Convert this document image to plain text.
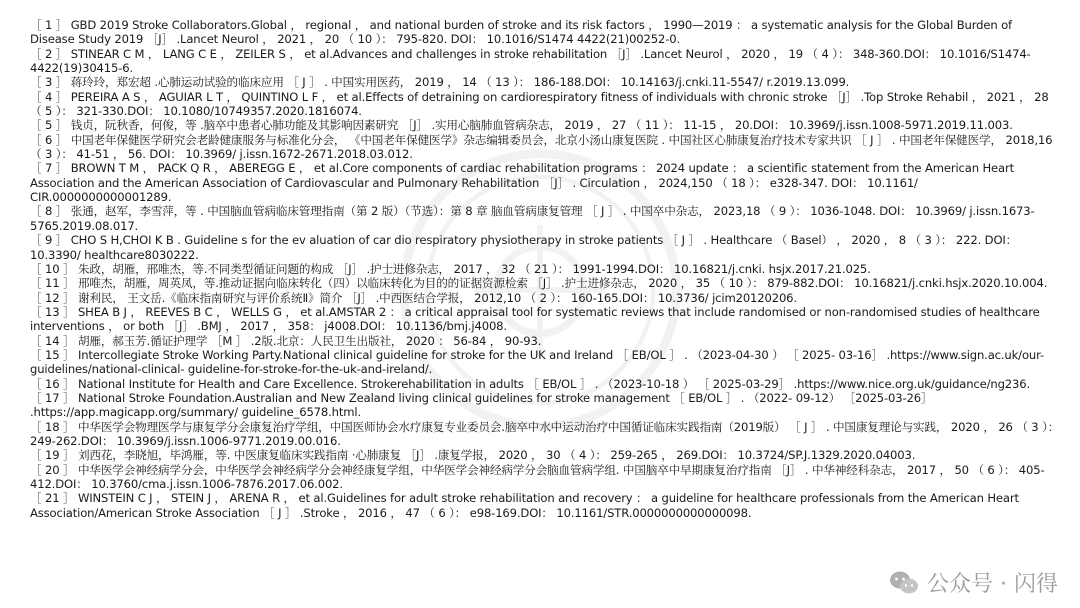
［ 1 ］ GBD 2019 Stroke Collaborators.Global ， regional ， and national burden of stroke and its risk factors ， 1990—2019 ： a systematic analysis for the Global Burden of Disease Study 2019 ［J］ .Lancet Neurol ， 2021 ， 20 （ 10 ）： 795-820. DOI： 10.1016/S1474 4422(21)00252-0.

［ 2 ］ STINEAR C M ， LANG C E ， ZEILER S ， et al.Advances and challenges in stroke rehabilitation ［J］ .Lancet Neurol ， 2020 ， 19 （ 4 ）： 348-360.DOI： 10.1016/S1474-4422(19)30415-6.

［ 3 ］ 蒋玲玲，郑宏超 .心肺运动试验的临床应用 ［ J ］ . 中国实用医药， 2019 ， 14 （ 13 ）： 186-188.DOI： 10.14163/j.cnki.11-5547/ r.2019.13.099.

［ 4 ］ PEREIRA A S ， AGUIAR L T ， QUINTINO L F ， et al.Effects of detraining on cardiorespiratory fitness of individuals with chronic stroke ［J］ .Top Stroke Rehabil ， 2021 ， 28 （ 5 ）： 321-330.DOI： 10.1080/10749357.2020.1816074.

［ 5 ］ 钱贞，阮秋香，何俊，等 .脑卒中患者心肺功能及其影响因素研究 ［J］ .实用心脑肺血管病杂志， 2019 ， 27 （ 11 ）： 11-15 ， 20.DOI： 10.3969/j.issn.1008-5971.2019.11.003.

［ 6 ］ 中国老年保健医学研究会老龄健康服务与标准化分会， 《中国老年保健医学》杂志编辑委员会，北京小汤山康复医院 . 中国社区心肺康复治疗技术专家共识 ［ J ］ . 中国老年保健医学， 2018,16 （ 3 ）： 41-51 ， 56. DOI： 10.3969/ j.issn.1672-2671.2018.03.012.

［ 7 ］ BROWN T M ， PACK Q R ， ABEREGG E ， et al.Core components of cardiac rehabilitation programs ： 2024 update ： a scientific statement from the American Heart Association and the American Association of Cardiovascular and Pulmonary Rehabilitation ［J］ . Circulation ， 2024,150 （ 18 ）： e328-347. DOI： 10.1161/ CIR.0000000000001289.

［ 8 ］ 张通，赵军，李雪萍，等 . 中国脑血管病临床管理指南（第 2 版）（节选）：第 8 章 脑血管病康复管理 ［ J ］ . 中国卒中杂志， 2023,18 （ 9 ）： 1036-1048. DOI： 10.3969/ j.issn.1673-5765.2019.08.017.

［ 9 ］ CHO S H,CHOI K B . Guideline s for the ev aluation of car dio respiratory physiotherapy in stroke patients ［ J ］ . Healthcare （ Basel） ， 2020 ， 8 （ 3 ）： 222. DOI： 10.3390/ healthcare8030222.

［ 10 ］ 朱政，胡雁，邢唯杰，等.不同类型循证问题的构成 ［J］ .护士进修杂志， 2017 ， 32 （ 21 ）： 1991-1994.DOI： 10.16821/j.cnki. hsjx.2017.21.025.

［ 11 ］ 邢唯杰，胡雁，周英凤，等.推动证据向临床转化（四）以临床转化为目的的证据资源检索 ［J］ .护士进修杂志， 2020 ， 35 （ 10 ）： 879-882.DOI： 10.16821/j.cnki.hsjx.2020.10.004.

［ 12 ］ 谢利民， 王文岳.《临床指南研究与评价系统Ⅱ》简介 ［J］ .中西医结合学报， 2012,10 （ 2 ）： 160-165.DOI： 10.3736/ jcim20120206.

［ 13 ］ SHEA B J ， REEVES B C ， WELLS G ， et al.AMSTAR 2 ： a critical appraisal tool for systematic reviews that include randomised or non-randomised studies of healthcare interventions ， or both ［J］ .BMJ ， 2017 ， 358： j4008.DOI： 10.1136/bmj.j4008.

［ 14 ］ 胡雁，郝玉芳.循证护理学 ［M ］ .2版.北京：人民卫生出版社， 2020 ： 56-84 ， 90-93.

［ 15 ］ Intercollegiate Stroke Working Party.National clinical guideline for stroke for the UK and Ireland ［ EB/OL ］ . （2023-04-30 ） ［ 2025- 03-16］ .https://www.sign.ac.uk/our-guidelines/national-clinical- guideline-for-stroke-for-the-uk-and-ireland/.

［ 16 ］ National Institute for Health and Care Excellence. Strokerehabilitation in adults ［ EB/OL ］ . （2023-10-18 ） ［ 2025-03-29］ .https://www.nice.org.uk/guidance/ng236.

［ 17 ］ National Stroke Foundation.Australian and New Zealand living clinical guidelines for stroke management ［ EB/OL ］ . （2022- 09-12） ［2025-03-26］ .https://app.magicapp.org/summary/ guideline_6578.html.

［ 18 ］ 中华医学会物理医学与康复学分会康复治疗学组，中国医师协会水疗康复专业委员会.脑卒中水中运动治疗中国循证临床实践指南（2019版） ［ J ］ . 中国康复理论与实践， 2020 ， 26 （ 3 ）： 249-262.DOI： 10.3969/j.issn.1006-9771.2019.00.016.

［ 19 ］ 刘西花，李晓旭，毕鸿雁，等. 中医康复临床实践指南 ·心肺康复 ［J］ .康复学报， 2020 ， 30 （ 4 ）： 259-265 ， 269.DOI： 10.3724/SP.J.1329.2020.04003.

［ 20 ］ 中华医学会神经病学分会，中华医学会神经病学分会神经康复学组，中华医学会神经病学分会脑血管病学组. 中国脑卒中早期康复治疗指南 ［J］ . 中华神经科杂志， 2017 ， 50 （ 6 ）： 405-412.DOI： 10.3760/cma.j.issn.1006-7876.2017.06.002.

［ 21 ］ WINSTEIN C J ， STEIN J ， ARENA R ， et al.Guidelines for adult stroke rehabilitation and recovery ： a guideline for healthcare professionals from the American Heart Association/American Stroke Association ［ J ］ .Stroke ， 2016 ， 47 （ 6 ）： e98-169.DOI： 10.1161/STR.0000000000000098.

公众号 · 闪得
